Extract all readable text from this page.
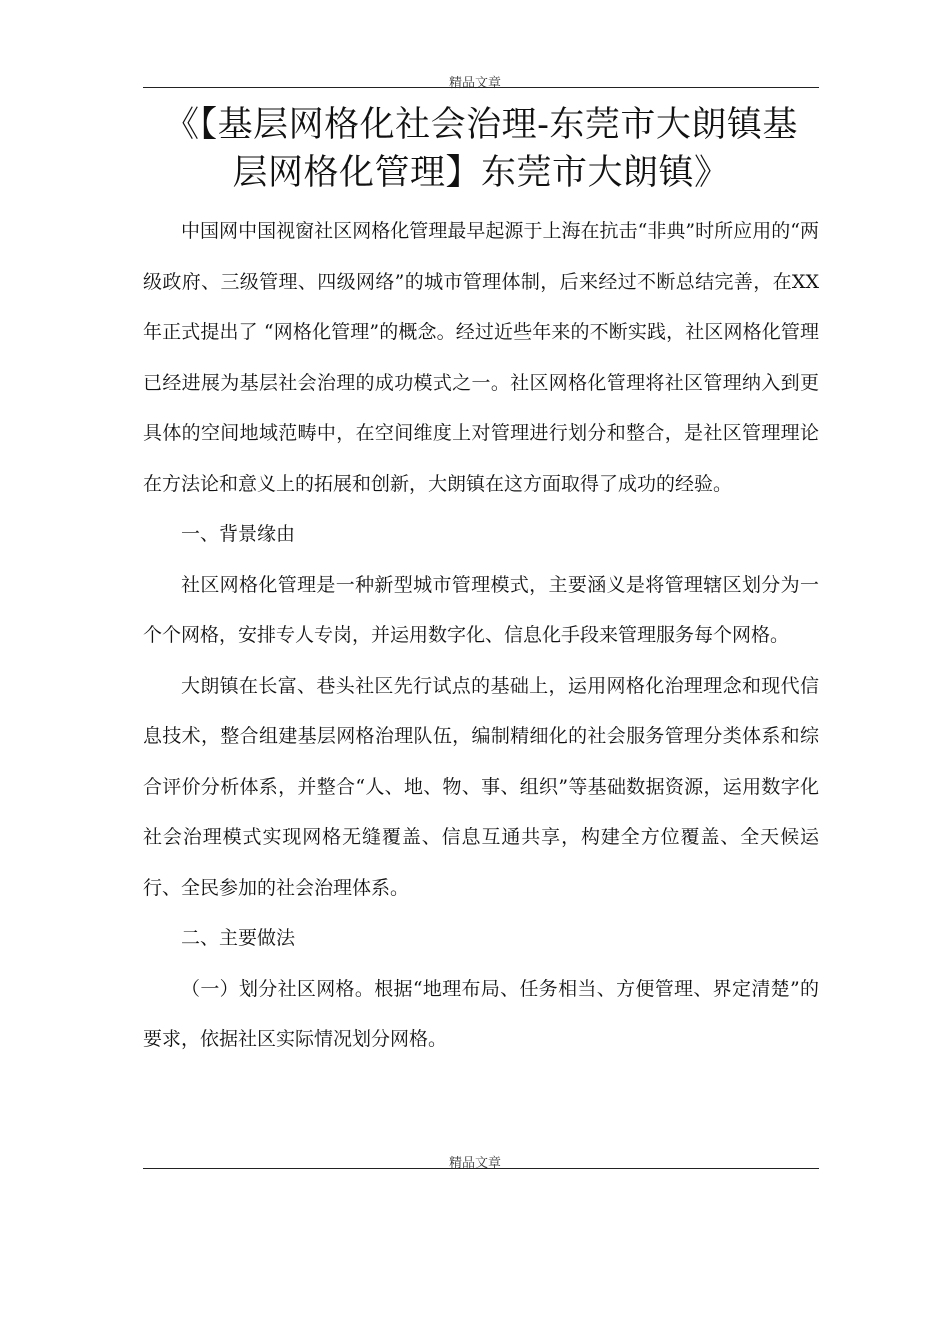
精品文章
《【基层网格化社会治理-东莞市大朗镇基
层网格化管理】东莞市大朗镇》

中国网中国视窗社区网格化管理最早起源于上海在抗击“非典”时所应用的“两级政府、三级管理、四级网络”的城市管理体制，后来经过不断总结完善，在XX年正式提出了 “网格化管理”的概念。经过近些年来的不断实践，社区网格化管理已经进展为基层社会治理的成功模式之一。社区网格化管理将社区管理纳入到更具体的空间地域范畴中，在空间维度上对管理进行划分和整合，是社区管理理论在方法论和意义上的拓展和创新，大朗镇在这方面取得了成功的经验。

一、背景缘由

社区网格化管理是一种新型城市管理模式，主要涵义是将管理辖区划分为一个个网格，安排专人专岗，并运用数字化、信息化手段来管理服务每个网格。

大朗镇在长富、巷头社区先行试点的基础上，运用网格化治理理念和现代信息技术，整合组建基层网格治理队伍，编制精细化的社会服务管理分类体系和综合评价分析体系，并整合“人、地、物、事、组织”等基础数据资源，运用数字化社会治理模式实现网格无缝覆盖、信息互通共享，构建全方位覆盖、全天候运行、全民参加的社会治理体系。

二、主要做法

（一）划分社区网格。根据“地理布局、任务相当、方便管理、界定清楚”的要求，依据社区实际情况划分网格。

精品文章
